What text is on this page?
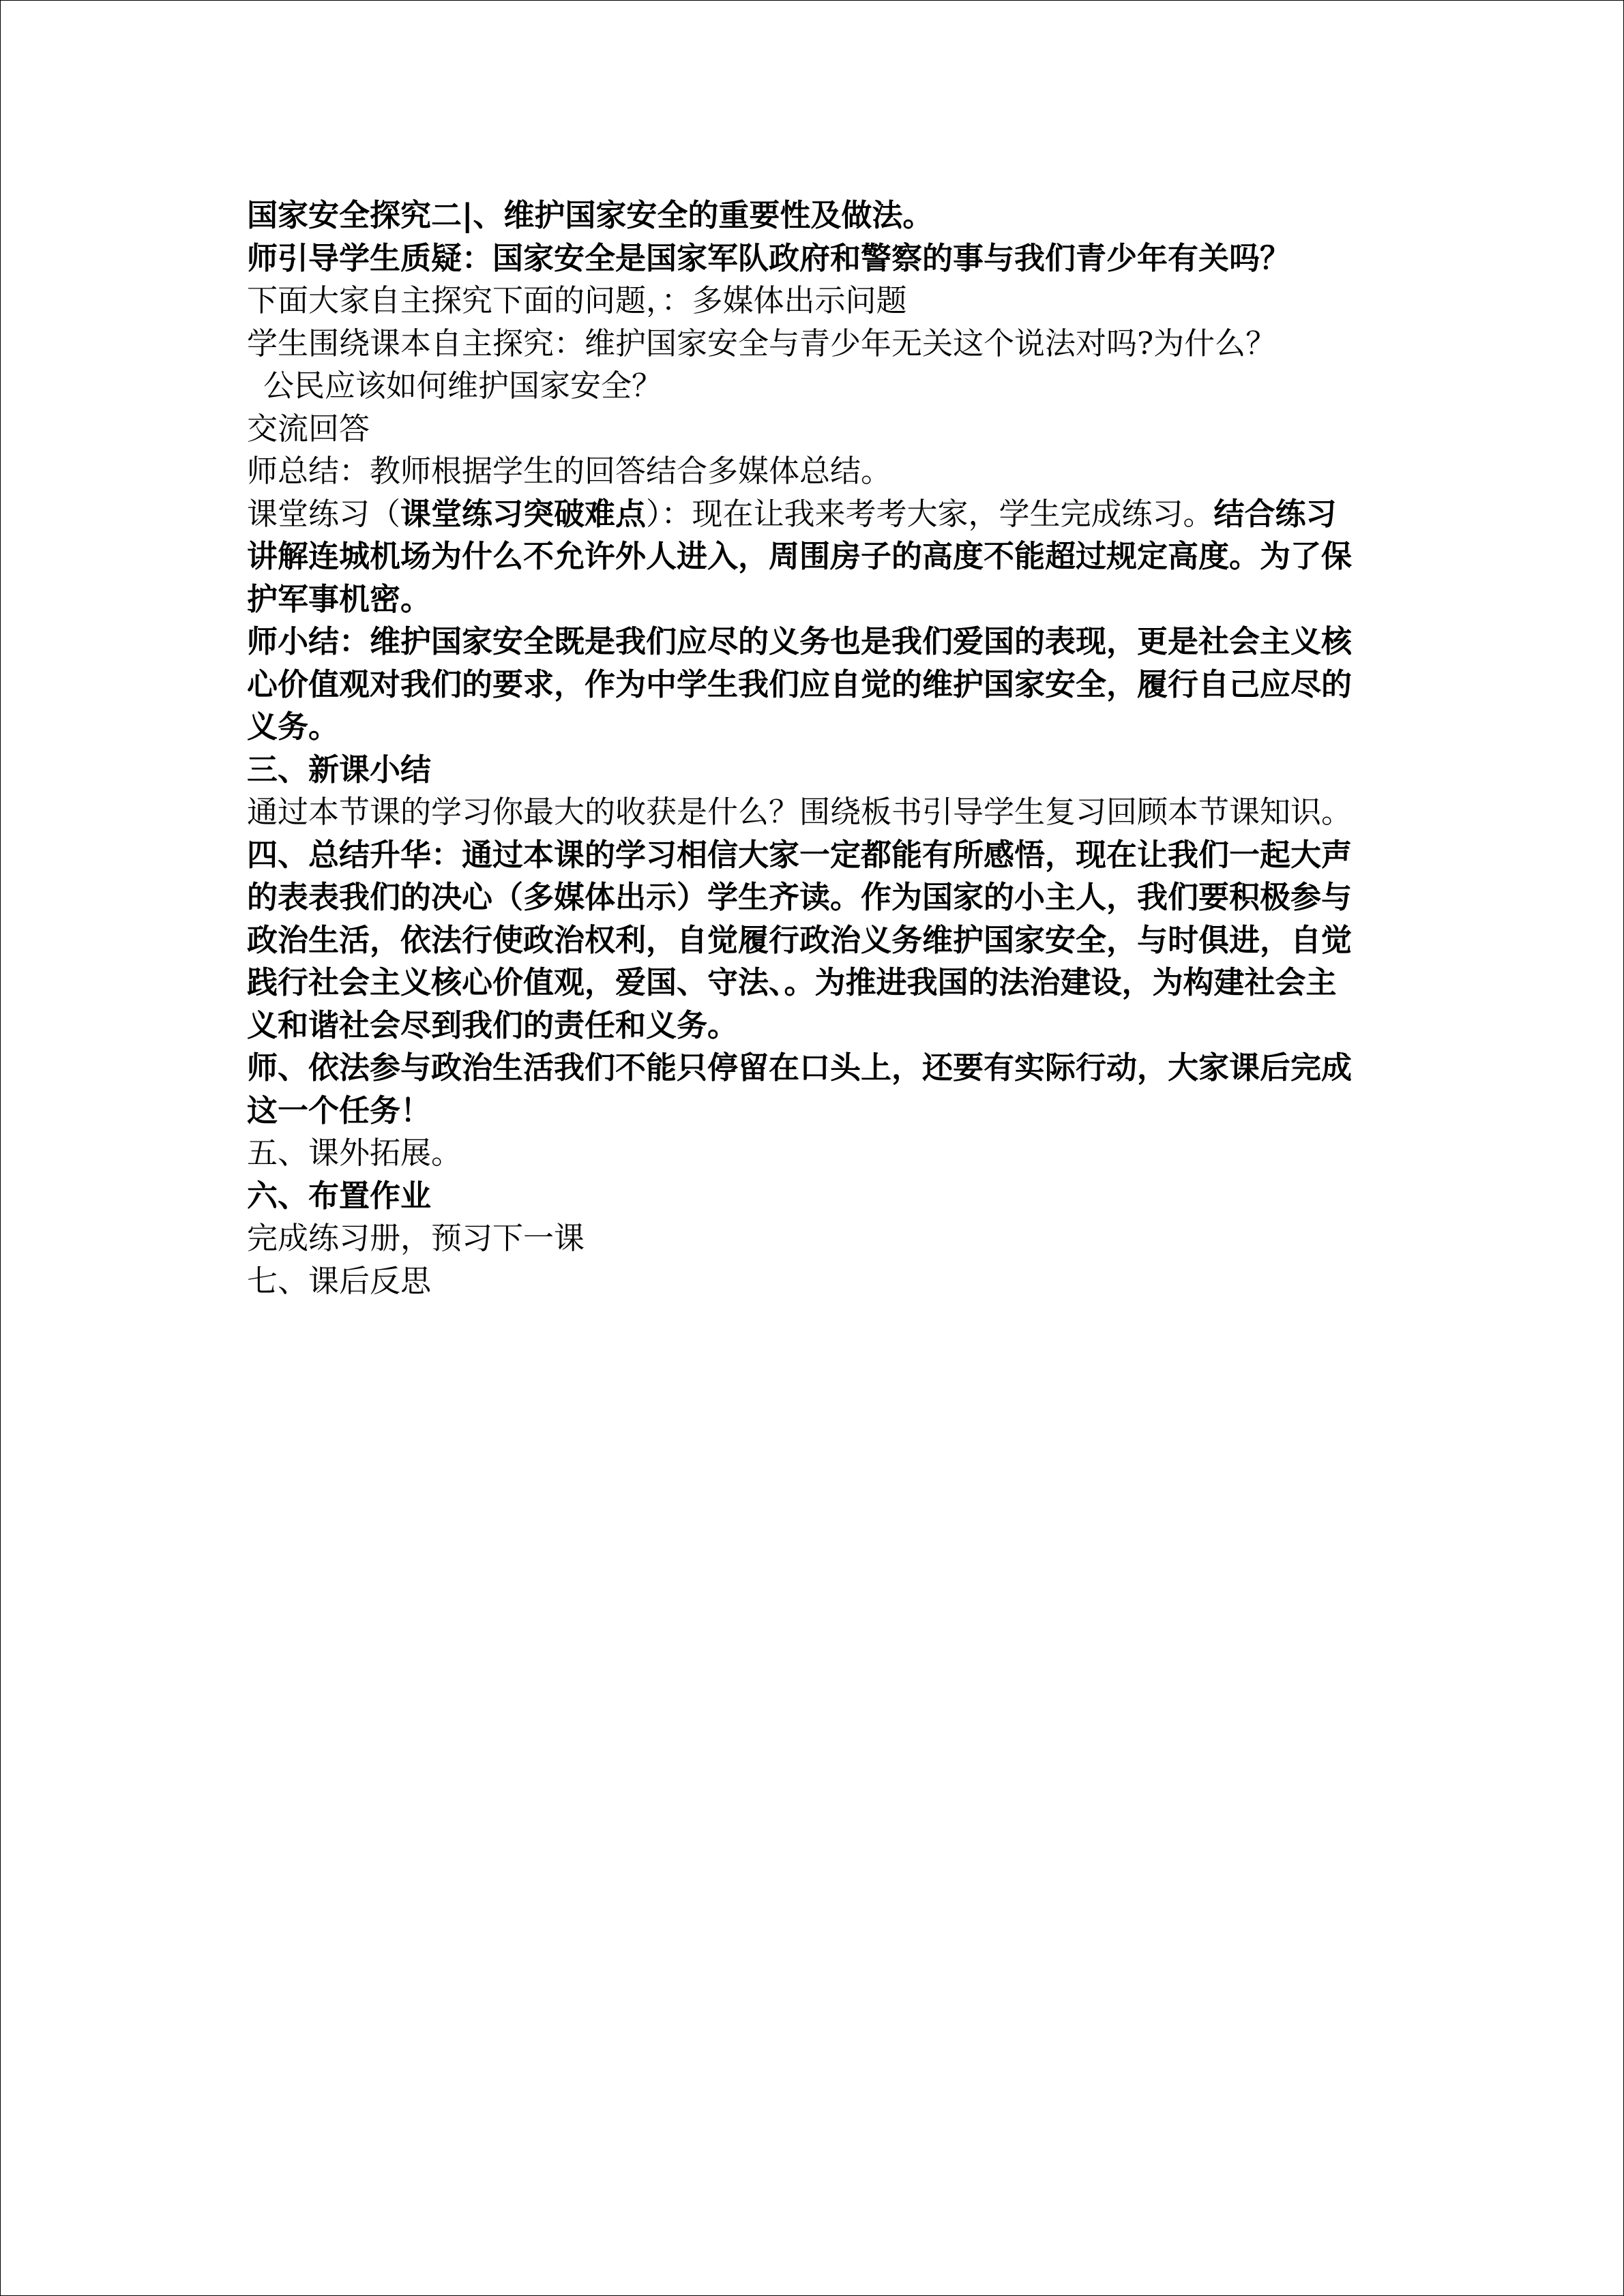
国家安全探究二|、维护国家安全的重要性及做法。

师引导学生质疑：国家安全是国家军队政府和警察的事与我们青少年有关吗？

下面大家自主探究下面的问题，：多媒体出示问题

学生围绕课本自主探究：维护国家安全与青少年无关这个说法对吗?为什么？

公民应该如何维护国家安全？

交流回答

师总结：教师根据学生的回答结合多媒体总结。

课堂练习（课堂练习突破难点）：现在让我来考考大家，学生完成练习。结合练习讲解连城机场为什么不允许外人进入，周围房子的高度不能超过规定高度。为了保护军事机密。

师小结：维护国家安全既是我们应尽的义务也是我们爱国的表现，更是社会主义核心价值观对我们的要求，作为中学生我们应自觉的维护国家安全，履行自己应尽的义务。

三、新课小结

通过本节课的学习你最大的收获是什么？围绕板书引导学生复习回顾本节课知识。

四、总结升华：通过本课的学习相信大家一定都能有所感悟，现在让我们一起大声的表表我们的决心（多媒体出示）学生齐读。作为国家的小主人，我们要积极参与政治生活，依法行使政治权利，自觉履行政治义务维护国家安全，与时俱进，自觉践行社会主义核心价值观，爱国、守法、。为推进我国的法治建设，为构建社会主义和谐社会尽到我们的责任和义务。

师、依法参与政治生活我们不能只停留在口头上，还要有实际行动，大家课后完成这一个任务！

五、课外拓展。

六、布置作业

完成练习册，预习下一课

七、课后反思
